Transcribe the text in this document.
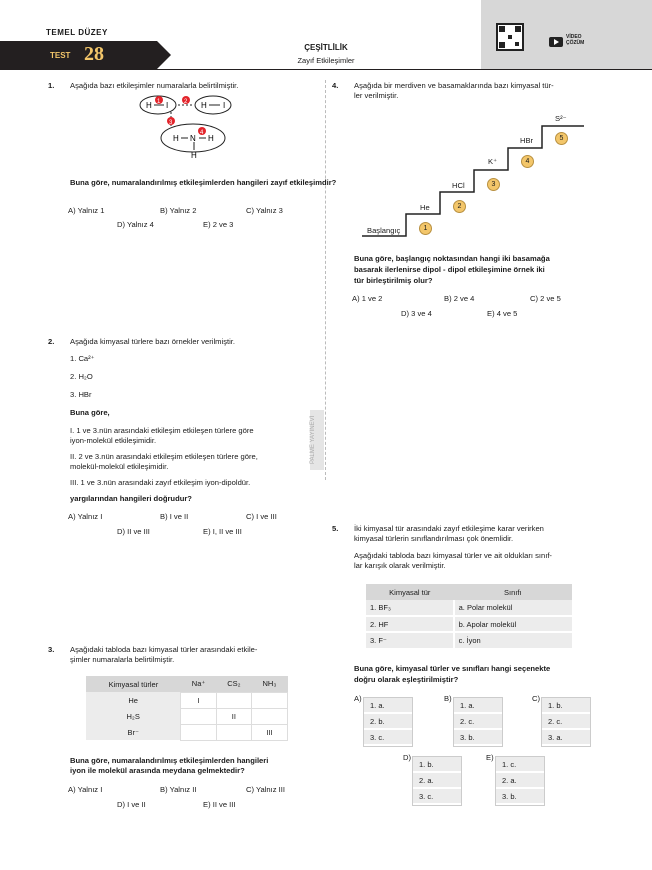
TEMEL DÜZEY
TEST 28
VİDEO ÇÖZÜM
ÇEŞİTLİLİK
Zayıf Etkileşimler
PALME YAYINEVİ
1. Aşağıda bazı etkileşimler numaralarla belirtilmiştir.
H I	H I
H N H
H
1	2
3
4
Buna göre, numaralandırılmış etkileşimlerden hangileri zayıf etkileşimdir?
A) Yalnız 1	B) Yalnız 2	C) Yalnız 3
D) Yalnız 4	E) 2 ve 3
2. Aşağıda kimyasal türlere bazı örnekler verilmiştir.
1. Ca²⁺
2. H₂O
3. HBr
Buna göre,
I. 1 ve 3.nün arasındaki etkileşim etkileşen türlere göre
iyon-molekül etkileşimidir.
II. 2 ve 3.nün arasındaki etkileşim etkileşen türlere göre,
molekül-molekül etkileşimidir.
III. 1 ve 3.nün arasındaki zayıf etkileşim iyon-dipoldür.
yargılarından hangileri doğrudur?
A) Yalnız I	B) I ve II	C) I ve III
D) II ve III	E) I, II ve III
3. Aşağıdaki tabloda bazı kimyasal türler arasındaki etkile-
şimler numaralarla belirtilmiştir.
Kimyasal türler	Na⁺	CS₂	NH₃
He	I		
H₂S		II	
Br⁻			III
Buna göre, numaralandırılmış etkileşimlerden hangileri
iyon ile molekül arasında meydana gelmektedir?
A) Yalnız I	B) Yalnız II	C) Yalnız III
D) I ve II	E) II ve III
4. Aşağıda bir merdiven ve basamaklarında bazı kimyasal tür-
ler verilmiştir.
Başlangıç
He
HCl
K⁺
HBr
S²⁻
1
2
3
4
5
Buna göre, başlangıç noktasından hangi iki basamağa
basarak ilerlenirse dipol - dipol etkileşimine örnek iki
tür birleştirilmiş olur?
A) 1 ve 2	B) 2 ve 4	C) 2 ve 5
D) 3 ve 4	E) 4 ve 5
5. İki kimyasal tür arasındaki zayıf etkileşime karar verirken
kimyasal türlerin sınıflandırılması çok önemlidir.
Aşağıdaki tabloda bazı kimyasal türler ve ait oldukları sınıf-
lar karışık olarak verilmiştir.
Kimyasal tür	Sınıfı
1. BF₃	a. Polar molekül
2. HF	b. Apolar molekül
3. F⁻	c. İyon
Buna göre, kimyasal türler ve sınıfları hangi seçenekte
doğru olarak eşleştirilmiştir?
A)
1. a.
2. b.
3. c.
B)
1. a.
2. c.
3. b.
C)
1. b.
2. c.
3. a.
D)
1. b.
2. a.
3. c.
E)
1. c.
2. a.
3. b.
